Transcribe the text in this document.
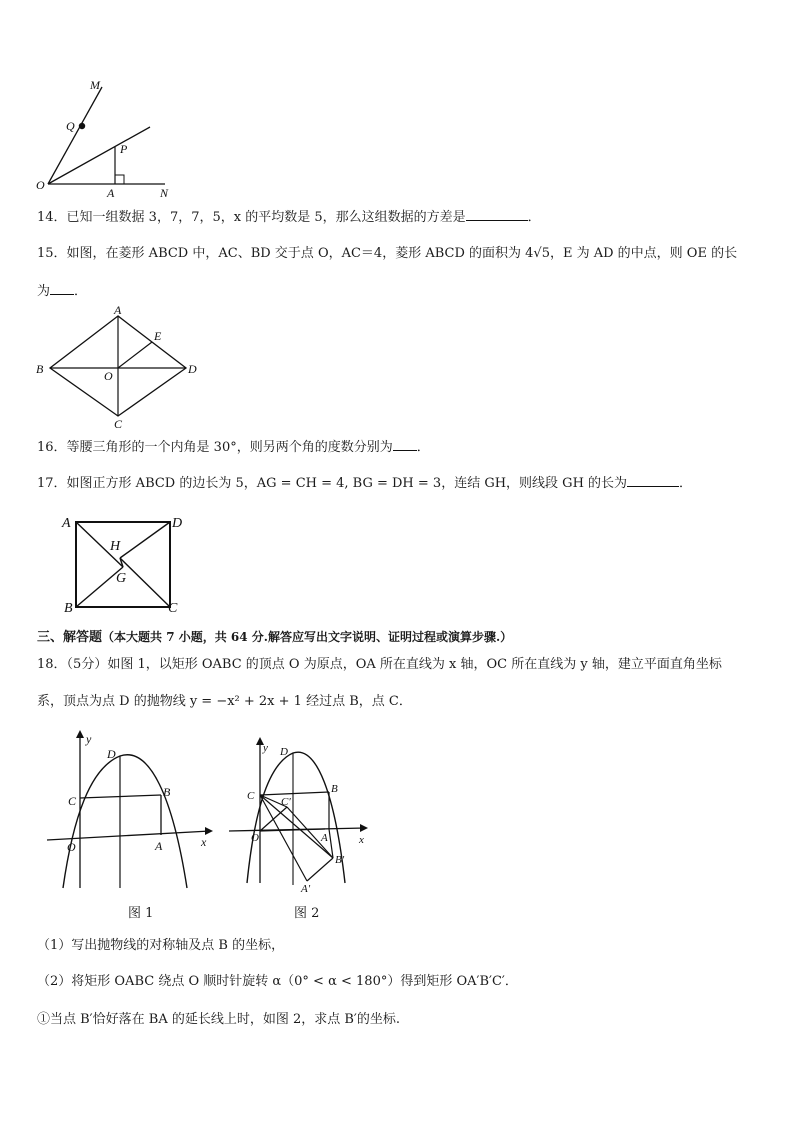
M
Q
P
O
A	N
14．已知一组数据 3，7，7，5，x 的平均数是 5，那么这组数据的方差是	．
15．如图，在菱形 ABCD 中，AC、BD 交于点 O，AC＝4，菱形 ABCD 的面积为 4√5，E 为 AD 的中点，则 OE 的长
为 ．
A
B
C
D
E
O
16．等腰三角形的一个内角是 30°，则另两个角的度数分别为 ．
17．如图正方形 ABCD 的边长为 5，AG = CH = 4, BG = DH = 3，连结 GH，则线段 GH 的长为	．
A	D
B	C
H
G
三、解答题（本大题共 7 小题，共 64 分.解答应写出文字说明、证明过程或演算步骤.）
18．（5分）如图 1，以矩形 OABC 的顶点 O 为原点，OA 所在直线为 x 轴，OC 所在直线为 y 轴，建立平面直角坐标
系，顶点为点 D 的抛物线 y = −x² + 2x + 1 经过点 B，点 C．
y
x
D
C
B
O	A
图 1
y
x
D
C C′
B
O	A
B′
A′
图 2
（1）写出抛物线的对称轴及点 B 的坐标，
（2）将矩形 OABC 绕点 O 顺时针旋转 α（0° < α < 180°）得到矩形 OA′B′C′．
①当点 B′恰好落在 BA 的延长线上时，如图 2，求点 B′的坐标.
